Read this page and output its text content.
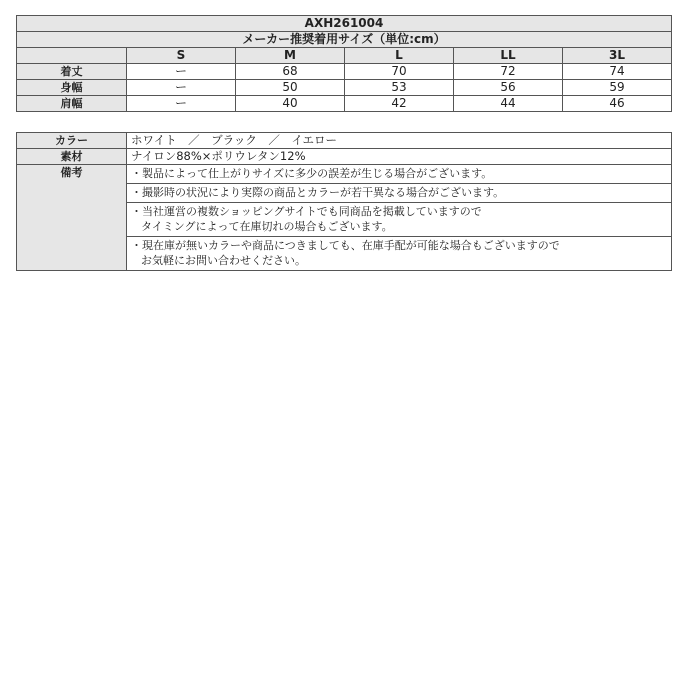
AXH261004					
メーカー推奨着用サイズ（単位:cm）					
	S	M	L	LL	3L
着丈	ー	68	70	72	74
身幅	ー	50	53	56	59
肩幅	ー	40	42	44	46
カラー	ホワイト　／　ブラック　／　イエロー
素材	ナイロン88%×ポリウレタン12%
備考	・製品によって仕上がりサイズに多少の誤差が生じる場合がございます。

	・撮影時の状況により実際の商品とカラーが若干異なる場合がございます。

	・当社運営の複数ショッピングサイトでも同商品を掲載していますので
タイミングによって在庫切れの場合もございます。

	・現在庫が無いカラーや商品につきましても、在庫手配が可能な場合もございますので
お気軽にお問い合わせください。
